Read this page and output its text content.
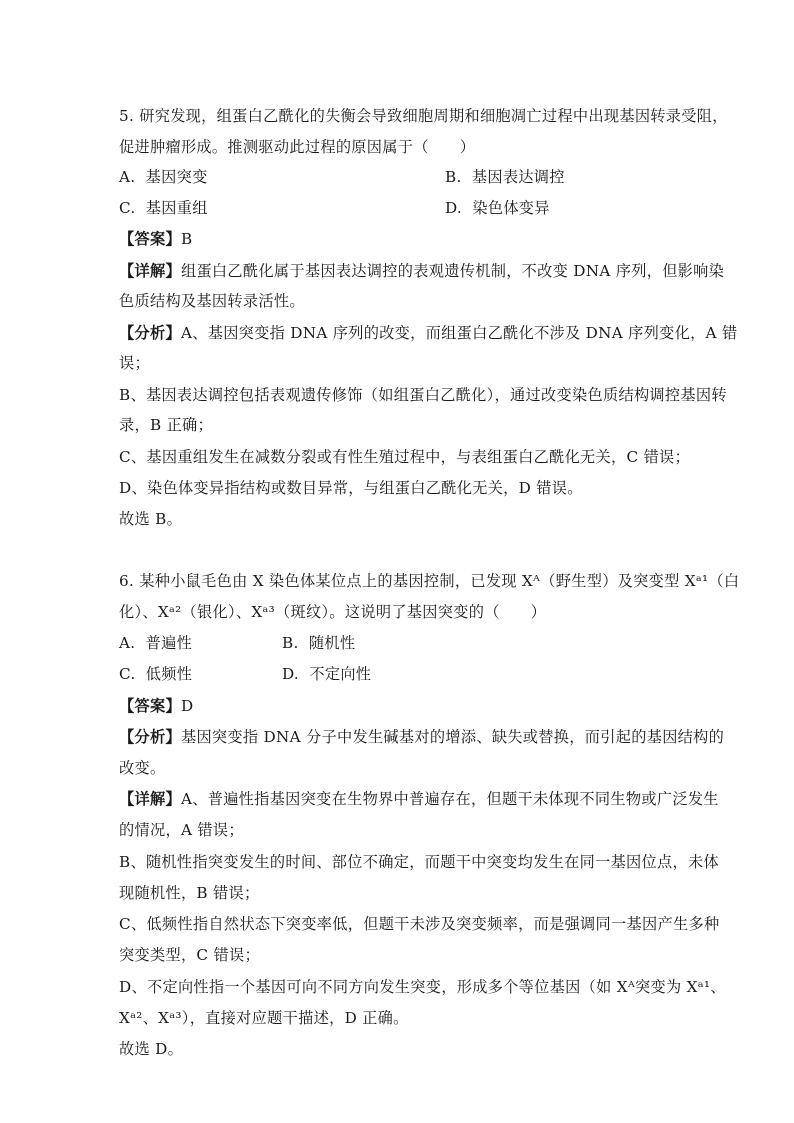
5. 研究发现，组蛋白乙酰化的失衡会导致细胞周期和细胞凋亡过程中出现基因转录受阻，
促进肿瘤形成。推测驱动此过程的原因属于（　　）
A. 基因突变	B. 基因表达调控
C. 基因重组	D. 染色体变异
【答案】B
【详解】组蛋白乙酰化属于基因表达调控的表观遗传机制，不改变 DNA 序列，但影响染
色质结构及基因转录活性。
【分析】A、基因突变指 DNA 序列的改变，而组蛋白乙酰化不涉及 DNA 序列变化，A 错
误；
B、基因表达调控包括表观遗传修饰（如组蛋白乙酰化），通过改变染色质结构调控基因转
录，B 正确；
C、基因重组发生在减数分裂或有性生殖过程中，与表组蛋白乙酰化无关，C 错误；
D、染色体变异指结构或数目异常，与组蛋白乙酰化无关，D 错误。
故选 B。
6. 某种小鼠毛色由 X 染色体某位点上的基因控制，已发现 Xᴬ（野生型）及突变型 Xᵃ¹（白
化）、Xᵃ²（银化）、Xᵃ³（斑纹）。这说明了基因突变的（　　）
A. 普遍性	B. 随机性
C. 低频性	D. 不定向性
【答案】D
【分析】基因突变指 DNA 分子中发生碱基对的增添、缺失或替换，而引起的基因结构的
改变。
【详解】A、普遍性指基因突变在生物界中普遍存在，但题干未体现不同生物或广泛发生
的情况，A 错误；
B、随机性指突变发生的时间、部位不确定，而题干中突变均发生在同一基因位点，未体
现随机性，B 错误；
C、低频性指自然状态下突变率低，但题干未涉及突变频率，而是强调同一基因产生多种
突变类型，C 错误；
D、不定向性指一个基因可向不同方向发生突变，形成多个等位基因（如 Xᴬ突变为 Xᵃ¹、
Xᵃ²、Xᵃ³），直接对应题干描述，D 正确。
故选 D。
